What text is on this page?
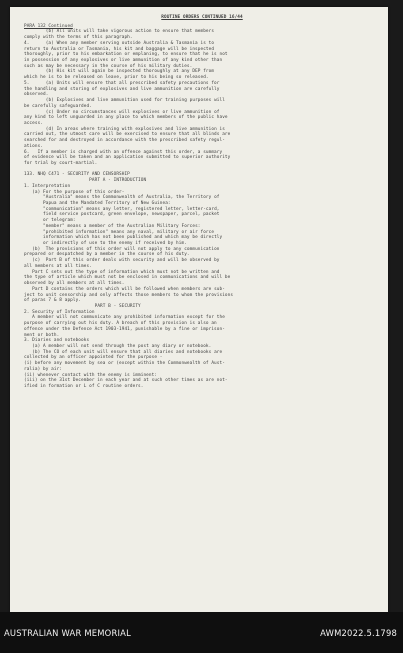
ROUTINE ORDERS CONTINUED 16/44

PARA 132 Continued

(b) All units will take vigorous action to ensure that members

comply with the terms of this paragraph.

4.      (a) When any member serving outside Australia & Tasmania is to

return to Australia or Tasmania, his kit and baggage will be inspected

thoroughly, prior to his embarkation or emplaning, to ensure that he is not

in possession of any explosives or live ammunition of any kind other than

such as may be necessary in the course of his military duties.

(b) His kit will again be inspected thoroughly at any DEP from

which he is to be released on leave, prior to his being so released.

5.      (a) Units will ensure that all prescribed safety precautions for

the handling and storing of explosives and live ammunition are carefully

observed.

(b) Explosives and live ammunition used for training purposes will

be carefully safeguarded.

(c) Under no circumstances will explosives or live ammunition of

any kind to left unguarded in any place to which members of the public have

access.

(d) In areas where training with explosives and live ammunition is

carried out, the utmost care will be exercised to ensure that all blinds are

searched for and destroyed in accordance with the prescribed safety regul-

ations.

6.   If a member is charged with an offence against this order, a summary

of evidence will be taken and an application submitted to superior authority

for trial by court-martial.

133. NHQ C471 - SECURITY AND CENSORSHIP

PART A - INTRODUCTION

1. Interpretation

(a) For the purpose of this order-

"Australia" means the Commonwealth of Australia, the Territory of

Papua and the Mandated Territory of New Guinea:

"communication" means any letter, registered letter, letter-card,

field service postcard, green envelope, newspaper, parcel, packet

or telegram:

"member" means a member of the Australian Military Forces:

"prohibited information" means any naval, military or air force

information which has not been published and which may be directly

or indirectly of use to the enemy if received by him.

(b)  The provisions of this order will not apply to any communication

prepared or despatched by a member in the course of his duty.

(c)  Part B of this order deals with security and will be observed by

all members at all times.

Part C sets out the type of information which must not be written and

the type of article which must not be enclosed in communications and will be

observed by all members at all times.

Part D contains the orders which will be followed when members are sub-

ject to unit censorship and only affects those members to whom the provisions

of paras 7 & 8 apply.

PART B - SECURITY

2. Security of Information

A member will not communicate any prohibited information except for the

purpose of carrying out his duty. A breach of this provision is also an

offence under the Defence Act 1903-1941, punishable by a fine or imprison-

ment or both.

3. Diaries and notebooks

(a) A member will not send through the post any diary or notebook.

(b) The CO of each unit will ensure that all diaries and notebooks are

collected by an officer appointed for the purpose -

(i) before any movement by sea or (except within the Commonwealth of Aust-

ralia) by air:

(ii) whenever contact with the enemy is imminent:

(iii) on the 31st December in each year and at such other times as are not-

ified in formation or L of C routine orders.

AUSTRALIAN WAR MEMORIAL	AWM2022.5.1798
